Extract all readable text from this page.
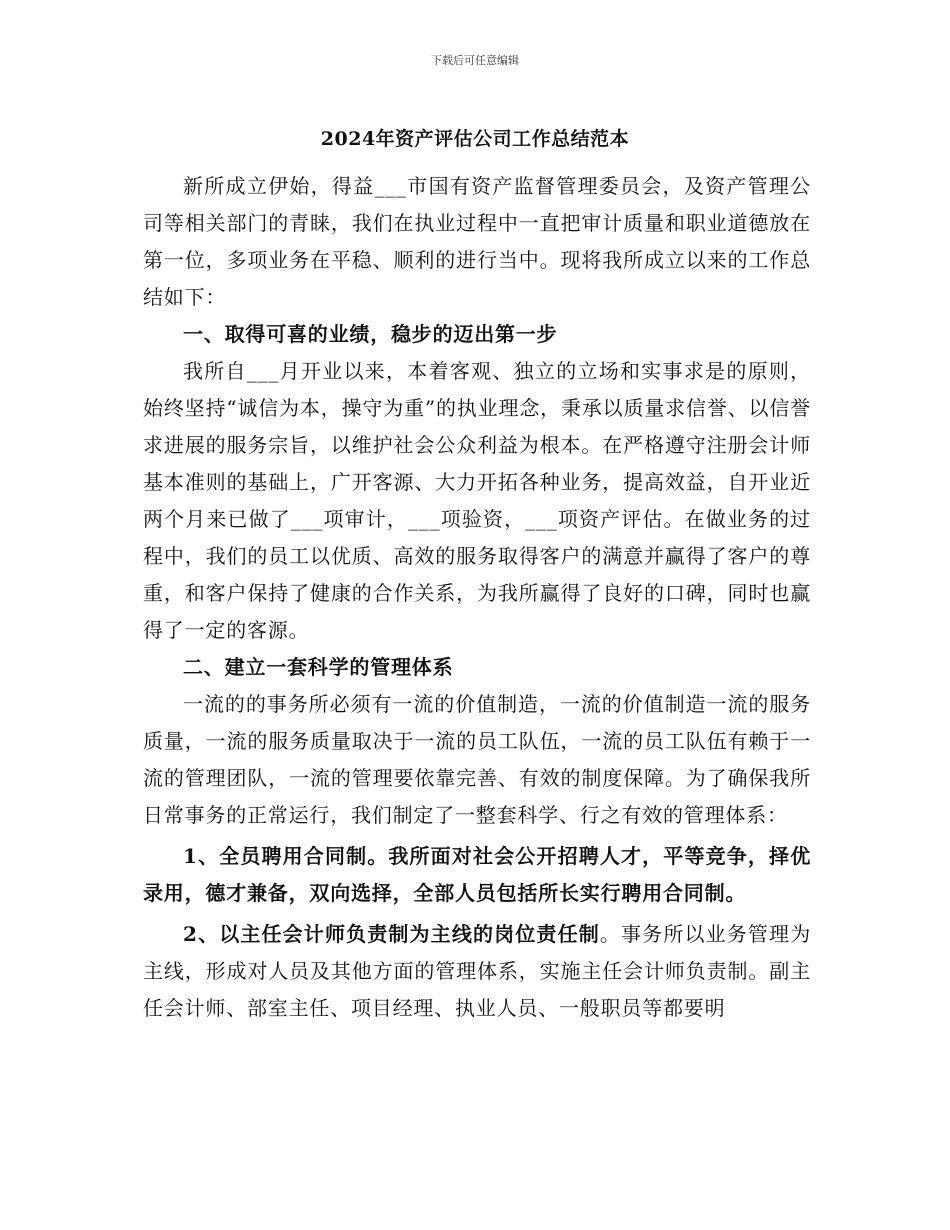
下载后可任意编辑
2024年资产评估公司工作总结范本

新所成立伊始，得益___市国有资产监督管理委员会，及资产管理公司等相关部门的青睐，我们在执业过程中一直把审计质量和职业道德放在第一位，多项业务在平稳、顺利的进行当中。现将我所成立以来的工作总结如下：

一、取得可喜的业绩，稳步的迈出第一步

我所自___月开业以来，本着客观、独立的立场和实事求是的原则，始终坚持“诚信为本，操守为重”的执业理念，秉承以质量求信誉、以信誉求进展的服务宗旨，以维护社会公众利益为根本。在严格遵守注册会计师基本准则的基础上，广开客源、大力开拓各种业务，提高效益，自开业近两个月来已做了___项审计，___项验资，___项资产评估。在做业务的过程中，我们的员工以优质、高效的服务取得客户的满意并赢得了客户的尊重，和客户保持了健康的合作关系，为我所赢得了良好的口碑，同时也赢得了一定的客源。

二、建立一套科学的管理体系

一流的的事务所必须有一流的价值制造，一流的价值制造一流的服务质量，一流的服务质量取决于一流的员工队伍，一流的员工队伍有赖于一流的管理团队，一流的管理要依靠完善、有效的制度保障。为了确保我所日常事务的正常运行，我们制定了一整套科学、行之有效的管理体系：

1、全员聘用合同制。我所面对社会公开招聘人才，平等竞争，择优录用，德才兼备，双向选择，全部人员包括所长实行聘用合同制。

2、以主任会计师负责制为主线的岗位责任制。事务所以业务管理为主线，形成对人员及其他方面的管理体系，实施主任会计师负责制。副主任会计师、部室主任、项目经理、执业人员、一般职员等都要明
